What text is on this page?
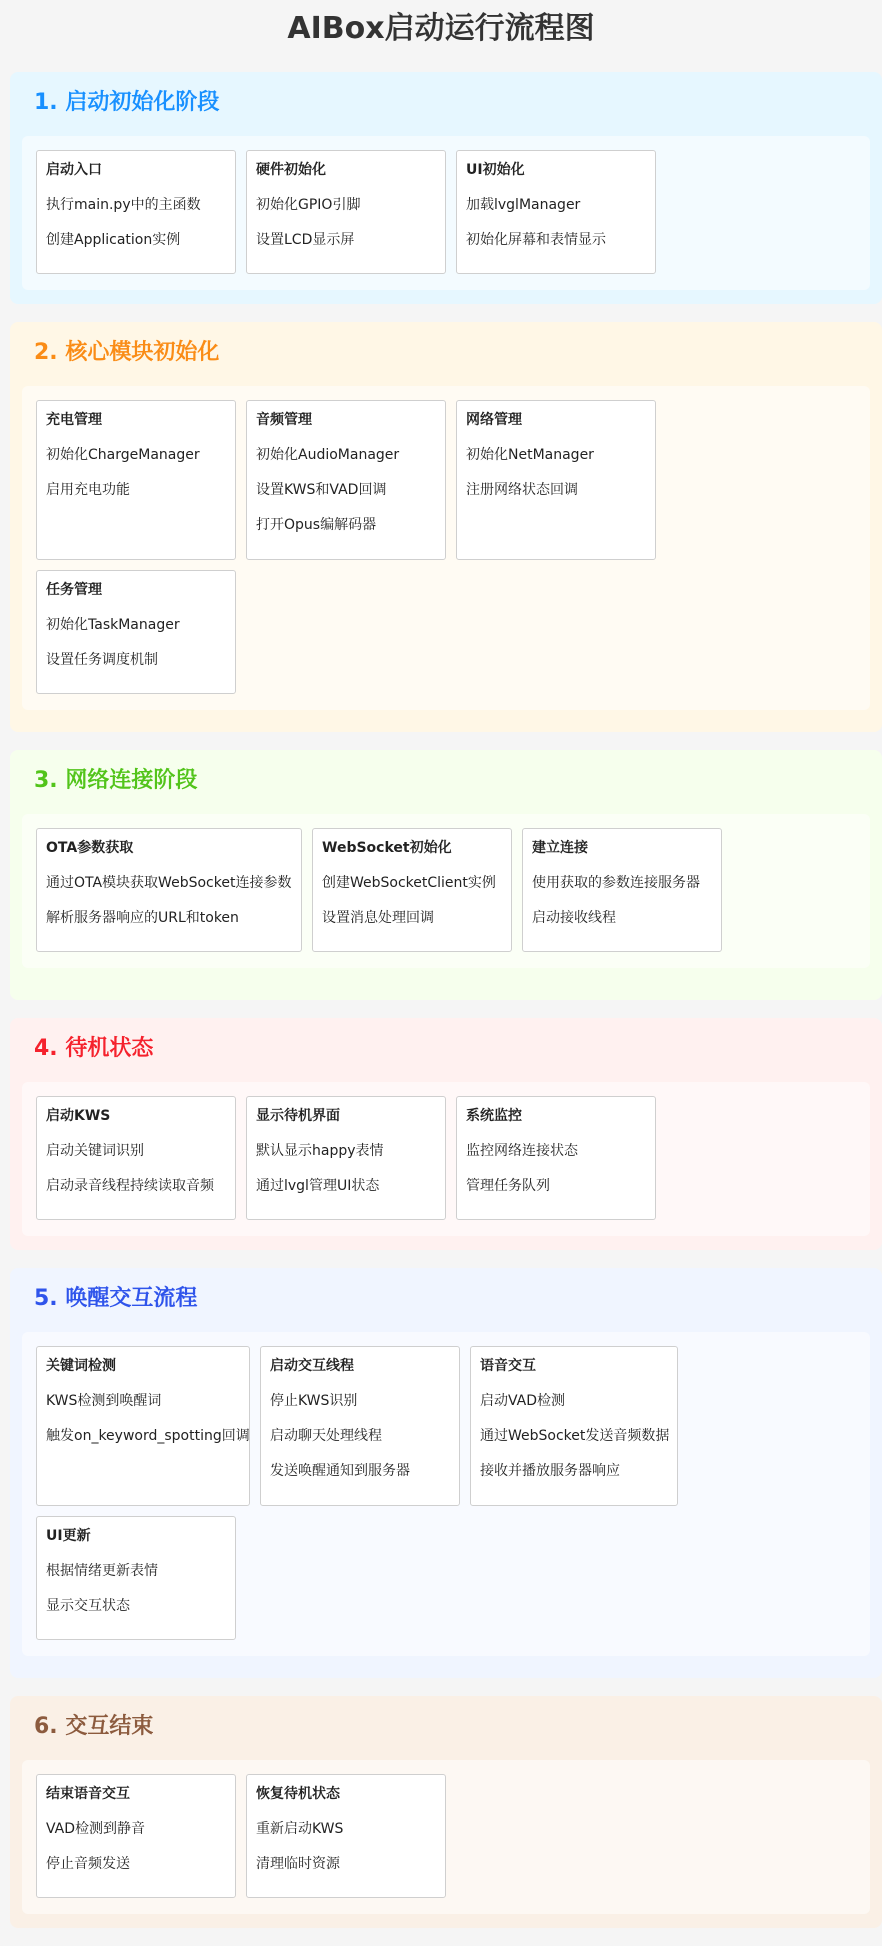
AIBox启动运行流程图
1. 启动初始化阶段
启动入口
执行main.py中的主函数
创建Application实例
硬件初始化
初始化GPIO引脚
设置LCD显示屏
UI初始化
加载lvglManager
初始化屏幕和表情显示
2. 核心模块初始化
充电管理
初始化ChargeManager
启用充电功能
音频管理
初始化AudioManager
设置KWS和VAD回调
打开Opus编解码器
网络管理
初始化NetManager
注册网络状态回调
任务管理
初始化TaskManager
设置任务调度机制
3. 网络连接阶段
OTA参数获取
通过OTA模块获取WebSocket连接参数
解析服务器响应的URL和token
WebSocket初始化
创建WebSocketClient实例
设置消息处理回调
建立连接
使用获取的参数连接服务器
启动接收线程
4. 待机状态
启动KWS
启动关键词识别
启动录音线程持续读取音频
显示待机界面
默认显示happy表情
通过lvgl管理UI状态
系统监控
监控网络连接状态
管理任务队列
5. 唤醒交互流程
关键词检测
KWS检测到唤醒词
触发on_keyword_spotting回调
启动交互线程
停止KWS识别
启动聊天处理线程
发送唤醒通知到服务器
语音交互
启动VAD检测
通过WebSocket发送音频数据
接收并播放服务器响应
UI更新
根据情绪更新表情
显示交互状态
6. 交互结束
结束语音交互
VAD检测到静音
停止音频发送
恢复待机状态
重新启动KWS
清理临时资源
